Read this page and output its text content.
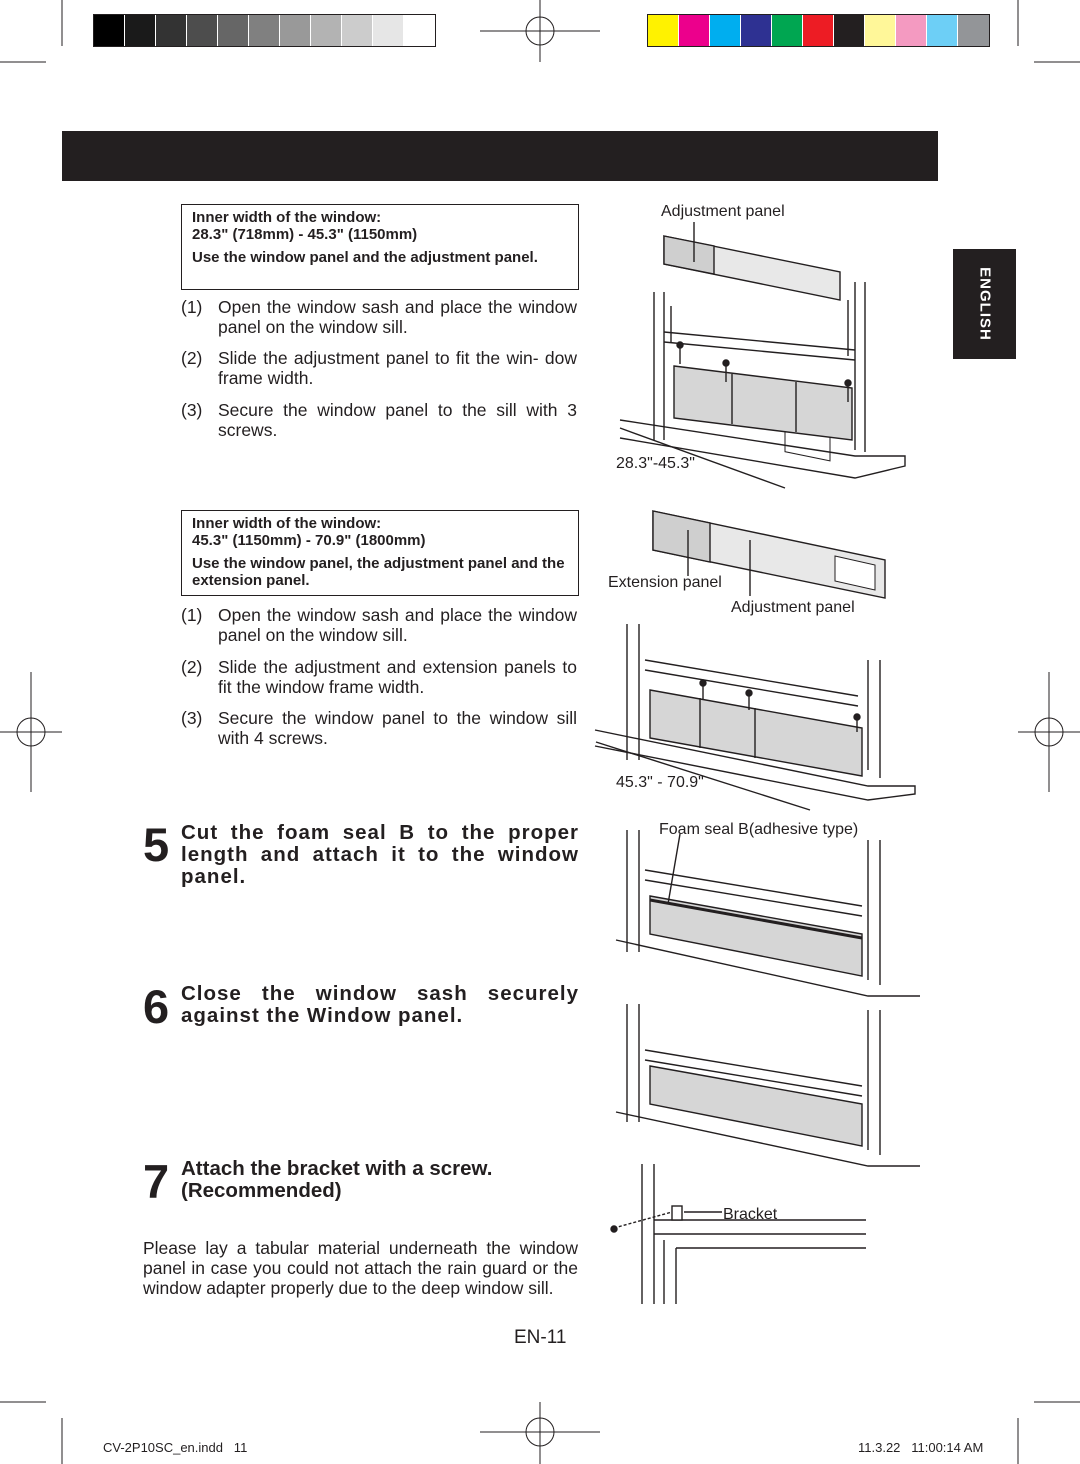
ENGLISH
Inner width of the window:
28.3" (718mm) - 45.3" (1150mm)
Use the window panel and the adjustment panel.
(1) Open the window sash and place the window panel on the window sill.
(2) Slide the adjustment panel to fit the win- dow frame width.
(3) Secure the window panel to the sill with 3 screws.
Inner width of the window:
45.3" (1150mm) - 70.9" (1800mm)
Use the window panel, the adjustment panel and the extension panel.
(1) Open the window sash and place the window panel on the window sill.
(2) Slide the adjustment and extension panels to fit the window frame width.
(3) Secure the window panel to the window sill with 4 screws.
5 Cut the foam seal B to the proper length and attach it to the window panel.
6 Close the window sash securely against the Window panel.
7 Attach the bracket with a screw.
(Recommended)
Please lay a tabular material underneath the window panel in case you could not attach the rain guard or the window adapter properly due to the deep window sill.
EN-11
CV-2P10SC_en.indd   11	11.3.22   11:00:14 AM
Adjustment panel
28.3"-45.3"
Extension panel
Adjustment panel
45.3" - 70.9"
Foam seal B(adhesive type)
Bracket
